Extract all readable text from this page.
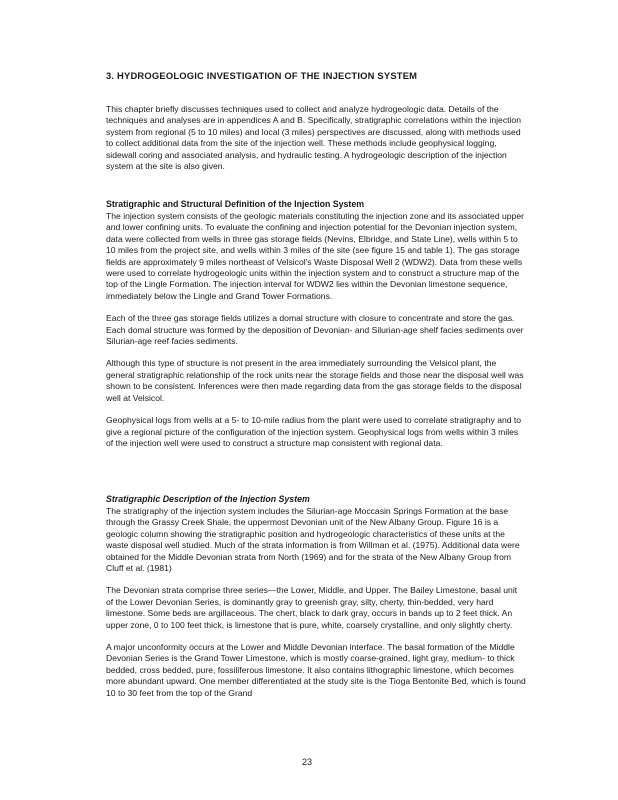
3. HYDROGEOLOGIC INVESTIGATION OF THE INJECTION SYSTEM

This chapter briefly discusses techniques used to collect and analyze hydrogeologic data. Details of the techniques and analyses are in appendices A and B. Specifically, stratigraphic correlations within the injection system from regional (5 to 10 miles) and local (3 miles) perspectives are discussed, along with methods used to collect additional data from the site of the injection well. These methods include geophysical logging, sidewall coring and associated analysis, and hydraulic testing. A hydrogeologic description of the injection system at the site is also given.

Stratigraphic and Structural Definition of the Injection System

The injection system consists of the geologic materials constituting the injection zone and its associated upper and lower confining units. To evaluate the confining and injection potential for the Devonian injection system, data were collected from wells in three gas storage fields (Nevins, Elbridge, and State Line), wells within 5 to 10 miles from the project site, and wells within 3 miles of the site (see figure 15 and table 1). The gas storage fields are approximately 9 miles northeast of Velsicol's Waste Disposal Well 2 (WDW2). Data from these wells were used to correlate hydrogeologic units within the injection system and to construct a structure map of the top of the Lingle Formation. The injection interval for WDW2 lies within the Devonian limestone sequence, immediately below the Lingle and Grand Tower Formations.

Each of the three gas storage fields utilizes a domal structure with closure to concentrate and store the gas. Each domal structure was formed by the deposition of Devonian- and Silurian-age shelf facies sediments over Silurian-age reef facies sediments.

Although this type of structure is not present in the area immediately surrounding the Velsicol plant, the general stratigraphic relationship of the rock units near the storage fields and those near the disposal well was shown to be consistent. Inferences were then made regarding data from the gas storage fields to the disposal well at Velsicol.

Geophysical logs from wells at a 5- to 10-mile radius from the plant were used to correlate stratigraphy and to give a regional picture of the configuration of the injection system. Geophysical logs from wells within 3 miles of the injection well were used to construct a structure map consistent with regional data.

Stratigraphic Description of the Injection System

The stratigraphy of the injection system includes the Silurian-age Moccasin Springs Formation at the base through the Grassy Creek Shale, the uppermost Devonian unit of the New Albany Group. Figure 16 is a geologic column showing the stratigraphic position and hydrogeologic characteristics of these units at the waste disposal well studied. Much of the strata information is from Willman et al. (1975). Additional data were obtained for the Middle Devonian strata from North (1969) and for the strata of the New Albany Group from Cluff et al. (1981)

The Devonian strata comprise three series—the Lower, Middle, and Upper. The Bailey Limestone, basal unit of the Lower Devonian Series, is dominantly gray to greenish gray, silty, cherty, thin-bedded, very hard limestone. Some beds are argillaceous. The chert, black to dark gray, occurs in bands up to 2 feet thick. An upper zone, 0 to 100 feet thick, is limestone that is pure, white, coarsely crystalline, and only slightly cherty.

A major unconformity occurs at the Lower and Middle Devonian interface. The basal formation of the Middle Devonian Series is the Grand Tower Limestone, which is mostly coarse-grained, light gray, medium- to thick bedded, cross bedded, pure, fossiliferous limestone. It also contains lithographic limestone, which becomes more abundant upward. One member differentiated at the study site is the Tioga Bentonite Bed, which is found 10 to 30 feet from the top of the Grand

23
